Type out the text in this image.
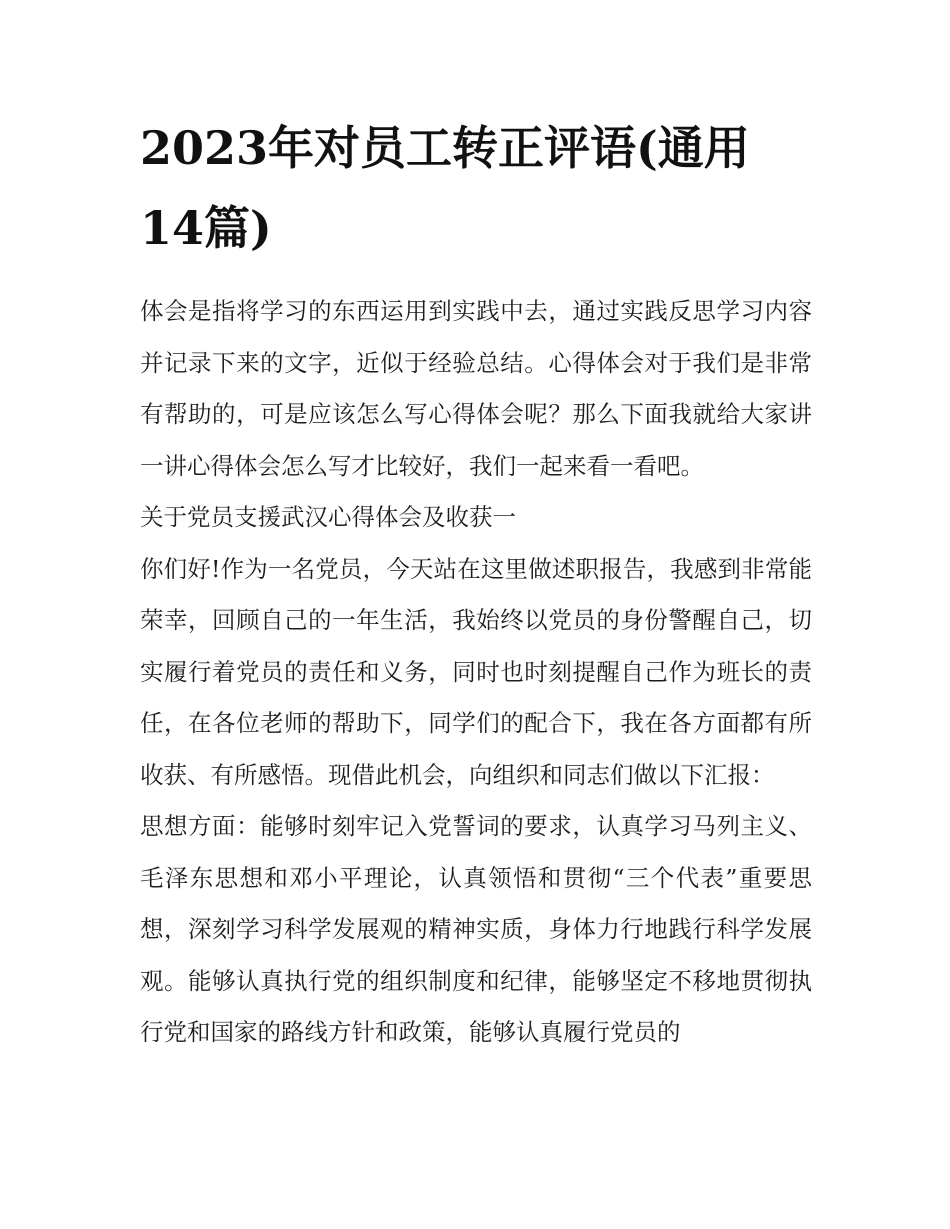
2023年对员工转正评语(通用14篇)

体会是指将学习的东西运用到实践中去，通过实践反思学习内容并记录下来的文字，近似于经验总结。心得体会对于我们是非常有帮助的，可是应该怎么写心得体会呢？那么下面我就给大家讲一讲心得体会怎么写才比较好，我们一起来看一看吧。

关于党员支援武汉心得体会及收获一

你们好!作为一名党员，今天站在这里做述职报告，我感到非常能荣幸，回顾自己的一年生活，我始终以党员的身份警醒自己，切实履行着党员的责任和义务，同时也时刻提醒自己作为班长的责任，在各位老师的帮助下，同学们的配合下，我在各方面都有所收获、有所感悟。现借此机会，向组织和同志们做以下汇报：

思想方面：能够时刻牢记入党誓词的要求，认真学习马列主义、毛泽东思想和邓小平理论，认真领悟和贯彻“三个代表”重要思想，深刻学习科学发展观的精神实质，身体力行地践行科学发展观。能够认真执行党的组织制度和纪律，能够坚定不移地贯彻执行党和国家的路线方针和政策，能够认真履行党员的
